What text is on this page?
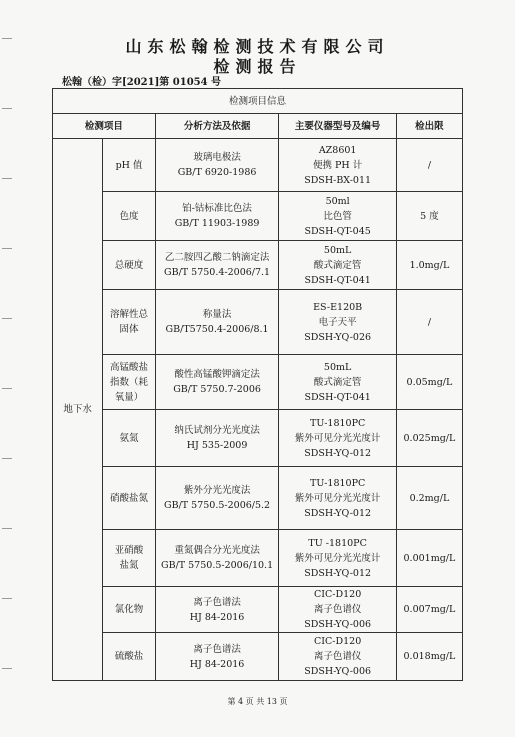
山东松翰检测技术有限公司
检测报告
松翰（检）字[2021]第 01054 号
检测项目信息				
检测项目		分析方法及依据	主要仪器型号及编号	检出限
地下水	pH 值	玻璃电极法
GB/T 6920-1986	AZ8601
便携 PH 计
SDSH-BX-011	/

	色度	铂-钴标准比色法
GB/T 11903-1989	50ml
比色管
SDSH-QT-045	5 度

	总硬度	乙二胺四乙酸二钠滴定法
GB/T 5750.4-2006/7.1	50mL
酸式滴定管
SDSH-QT-041	1.0mg/L

	溶解性总
固体	称量法
GB/T5750.4-2006/8.1	ES-E120B
电子天平
SDSH-YQ-026	/

	高锰酸盐
指数（耗
氧量）	酸性高锰酸钾滴定法
GB/T 5750.7-2006	50mL
酸式滴定管
SDSH-QT-041	0.05mg/L

	氨氮	纳氏试剂分光光度法
HJ 535-2009	TU-1810PC
紫外可见分光光度计
SDSH-YQ-012	0.025mg/L

	硝酸盐氮	紫外分光光度法
GB/T 5750.5-2006/5.2	TU-1810PC
紫外可见分光光度计
SDSH-YQ-012	0.2mg/L

	亚硝酸
盐氮	重氮偶合分光光度法
GB/T 5750.5-2006/10.1	TU -1810PC
紫外可见分光光度计
SDSH-YQ-012	0.001mg/L

	氯化物	离子色谱法
HJ 84-2016	CIC-D120
离子色谱仪
SDSH-YQ-006	0.007mg/L

	硫酸盐	离子色谱法
HJ 84-2016	CIC-D120
离子色谱仪
SDSH-YQ-006	0.018mg/L
第 4 页 共 13 页
